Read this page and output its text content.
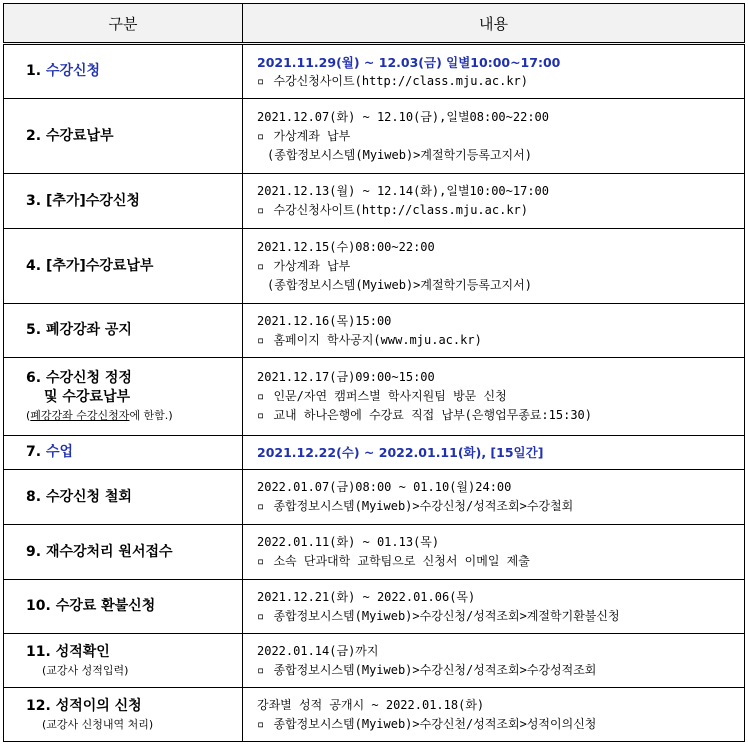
구분	내용
1. 수강신청	2021.11.29(월) ~ 12.03(금) 일별10:00~17:00
▫ 수강신청사이트(http://class.mju.ac.kr)

2. 수강료납부	2021.12.07(화) ~ 12.10(금),일별08:00~22:00
▫ 가상계좌 납부
(종합정보시스템(Myiweb)>계절학기등록고지서)

3. [추가]수강신청	2021.12.13(월) ~ 12.14(화),일별10:00~17:00
▫ 수강신청사이트(http://class.mju.ac.kr)

4. [추가]수강료납부	2021.12.15(수)08:00~22:00
▫ 가상계좌 납부
(종합정보시스템(Myiweb)>계절학기등록고지서)

5. 폐강강좌 공지	2021.12.16(목)15:00
▫ 홈페이지 학사공지(www.mju.ac.kr)

6. 수강신청 정정
및 수강료납부
(폐강강좌 수강신청자에 한함.)	2021.12.17(금)09:00~15:00
▫ 인문/자연 캠퍼스별 학사지원팀 방문 신청
▫ 교내 하나은행에 수강료 직접 납부(은행업무종료:15:30)

7. 수업	2021.12.22(수) ~ 2022.01.11(화), [15일간]

8. 수강신청 철회	2022.01.07(금)08:00 ~ 01.10(월)24:00
▫ 종합정보시스템(Myiweb)>수강신청/성적조회>수강철회

9. 재수강처리 원서접수	2022.01.11(화) ~ 01.13(목)
▫ 소속 단과대학 교학팀으로 신청서 이메일 제출

10. 수강료 환불신청	2021.12.21(화) ~ 2022.01.06(목)
▫ 종합정보시스템(Myiweb)>수강신청/성적조회>계절학기환불신청

11. 성적확인
(교강사 성적입력)	2022.01.14(금)까지
▫ 종합정보시스템(Myiweb)>수강신청/성적조회>수강성적조회

12. 성적이의 신청
(교강사 신청내역 처리)	강좌별 성적 공개시 ~ 2022.01.18(화)
▫ 종합정보시스템(Myiweb)>수강신천/성적조회>성적이의신청
